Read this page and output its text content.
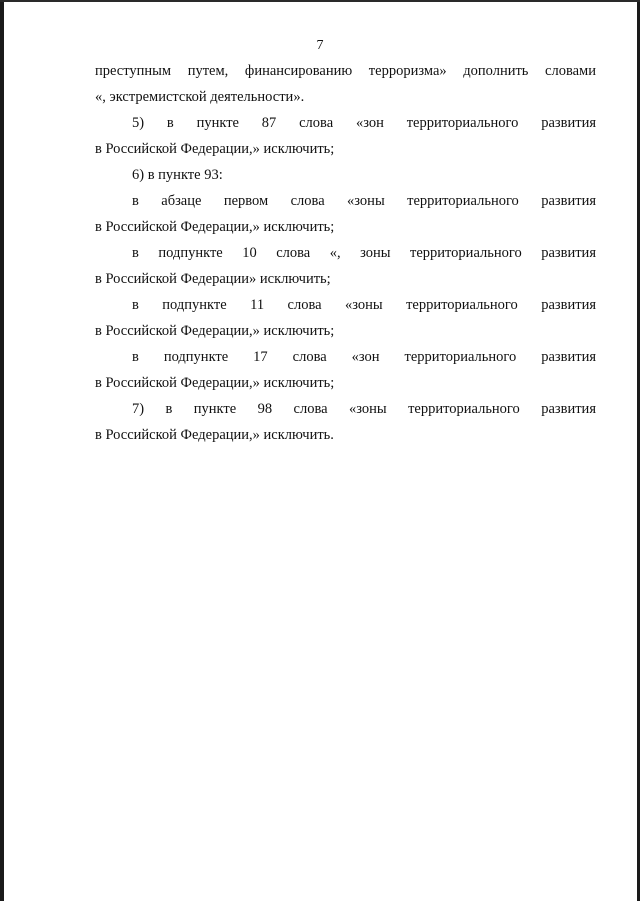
7
преступным путем, финансированию терроризма» дополнить словами
«, экстремистской деятельности».
5) в пункте 87 слова «зон территориального развития
в Российской Федерации,» исключить;
6) в пункте 93:
в абзаце первом слова «зоны территориального развития
в Российской Федерации,» исключить;
в подпункте 10 слова «, зоны территориального развития
в Российской Федерации» исключить;
в подпункте 11 слова «зоны территориального развития
в Российской Федерации,» исключить;
в подпункте 17 слова «зон территориального развития
в Российской Федерации,» исключить;
7) в пункте 98 слова «зоны территориального развития
в Российской Федерации,» исключить.
